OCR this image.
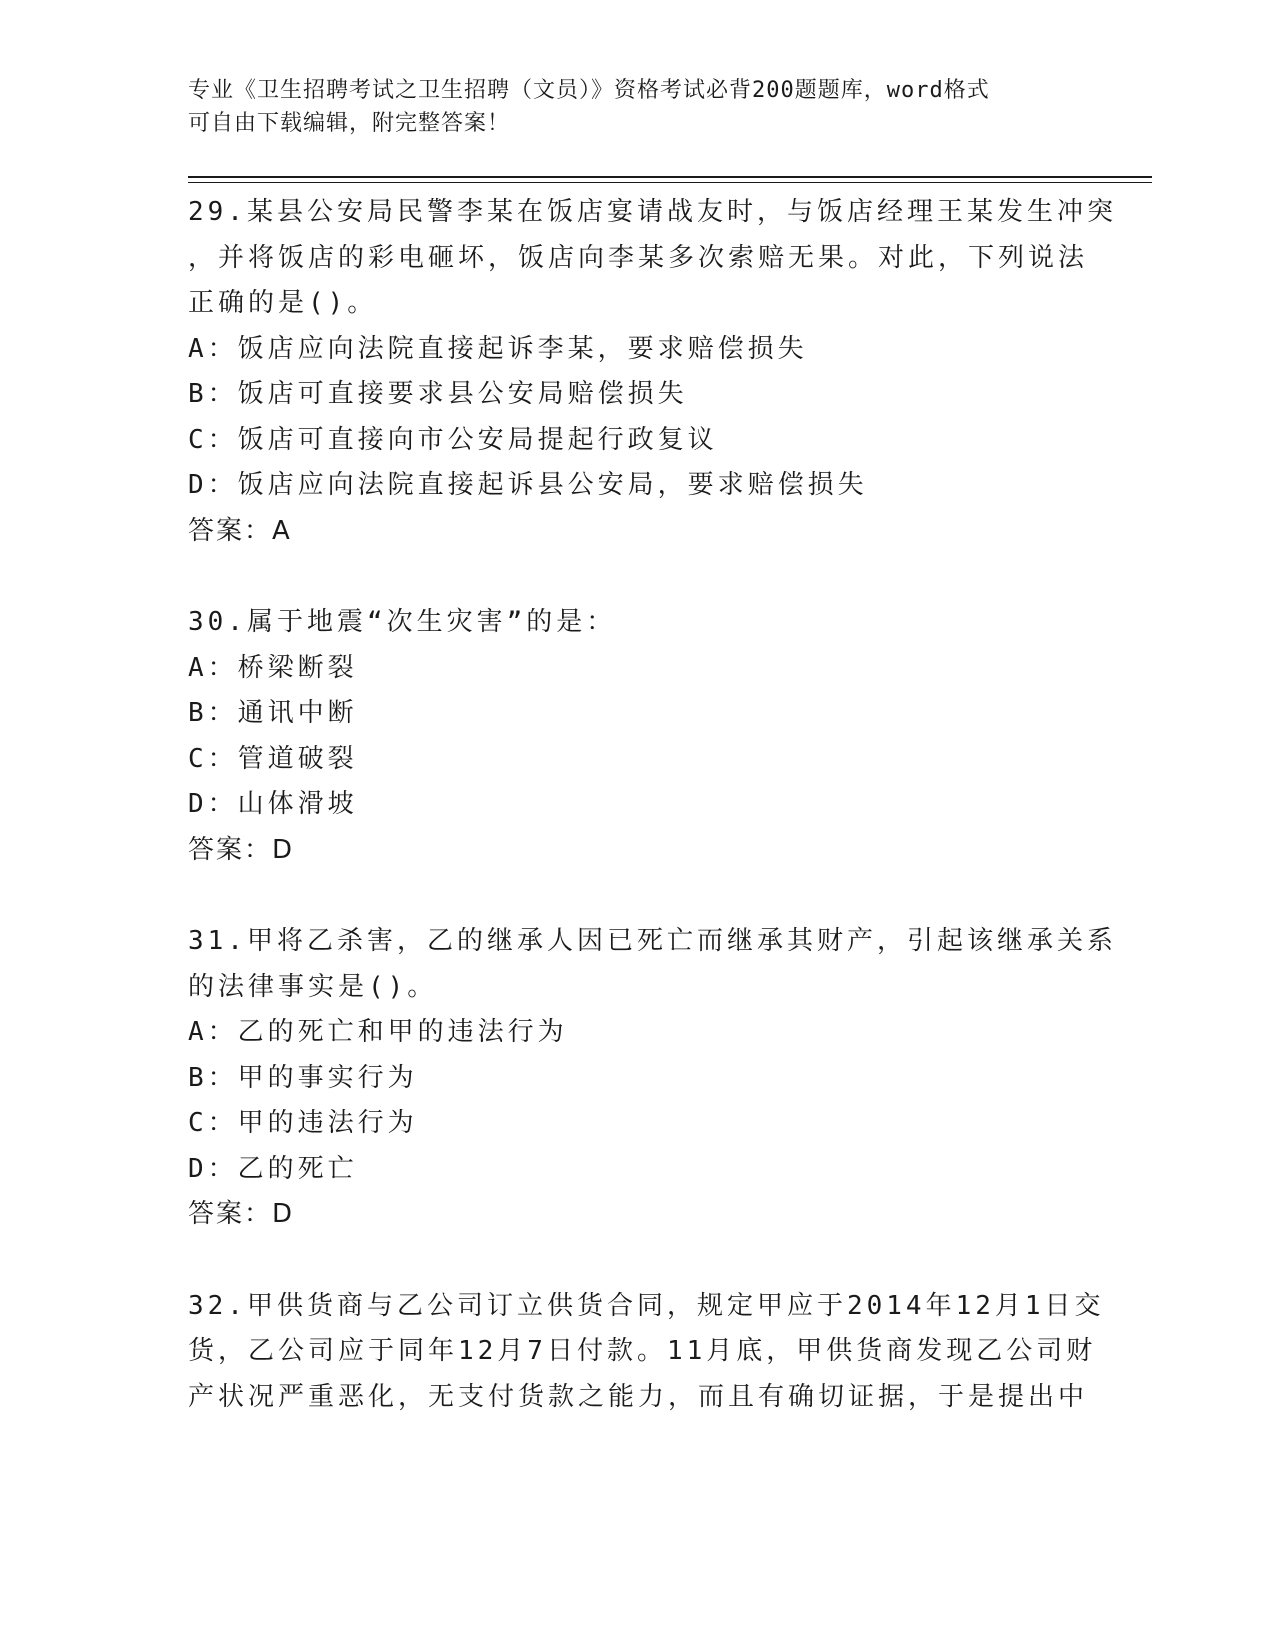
专业《卫生招聘考试之卫生招聘（文员）》资格考试必背200题题库，word格式
可自由下载编辑，附完整答案！
29.某县公安局民警李某在饭店宴请战友时，与饭店经理王某发生冲突
，并将饭店的彩电砸坏，饭店向李某多次索赔无果。对此，下列说法
正确的是()。
A：饭店应向法院直接起诉李某，要求赔偿损失
B：饭店可直接要求县公安局赔偿损失
C：饭店可直接向市公安局提起行政复议
D：饭店应向法院直接起诉县公安局，要求赔偿损失
答案：A
30.属于地震“次生灾害”的是：
A：桥梁断裂
B：通讯中断
C：管道破裂
D：山体滑坡
答案：D
31.甲将乙杀害，乙的继承人因已死亡而继承其财产，引起该继承关系
的法律事实是()。
A：乙的死亡和甲的违法行为
B：甲的事实行为
C：甲的违法行为
D：乙的死亡
答案：D
32.甲供货商与乙公司订立供货合同，规定甲应于2014年12月1日交
货，乙公司应于同年12月7日付款。11月底，甲供货商发现乙公司财
产状况严重恶化，无支付货款之能力，而且有确切证据，于是提出中
